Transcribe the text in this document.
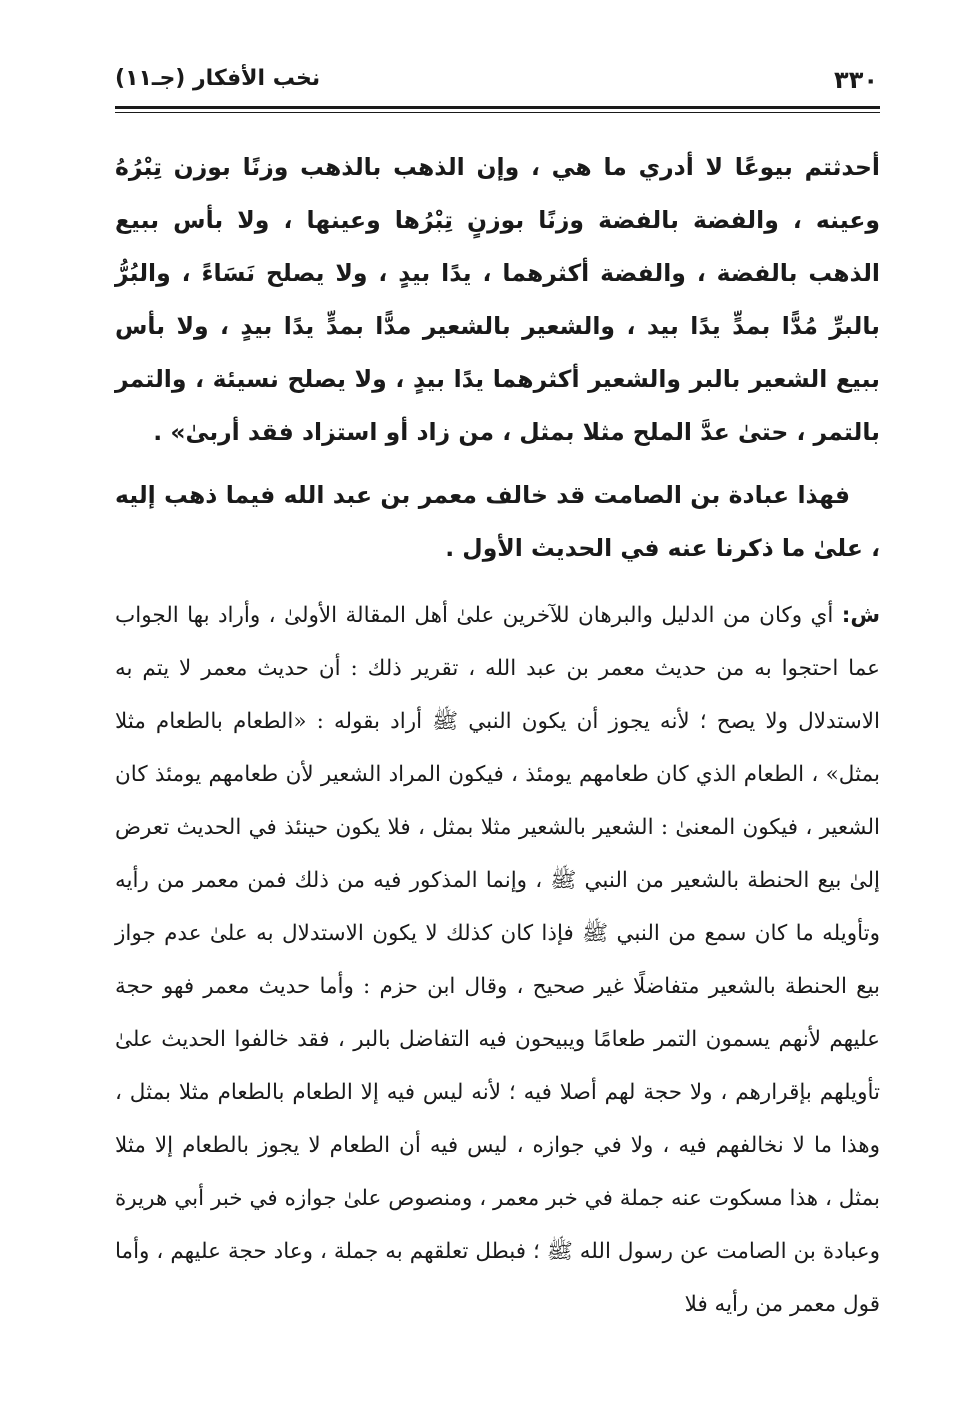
٣٣٠
نخب الأفكار (جـ١١)

أحدثتم بيوعًا لا أدري ما هي ، وإن الذهب بالذهب وزنًا بوزن تِبْرُهُ وعينه ، والفضة بالفضة وزنًا بوزنٍ تِبْرُها وعينها ، ولا بأس ببيع الذهب بالفضة ، والفضة أكثرهما ، يدًا بيدٍ ، ولا يصلح نَسَاءً ، والبُرُّ بالبرِّ مُدًّا بمدٍّ يدًا بيد ، والشعير بالشعير مدًّا بمدٍّ يدًا بيدٍ ، ولا بأس ببيع الشعير بالبر والشعير أكثرهما يدًا بيدٍ ، ولا يصلح نسيئة ، والتمر بالتمر ، حتىٰ عدَّ الملح مثلا بمثل ، من زاد أو استزاد فقد أربىٰ» .

فهذا عبادة بن الصامت قد خالف معمر بن عبد الله فيما ذهب إليه ، علىٰ ما ذكرنا عنه في الحديث الأول .

ش: أي وكان من الدليل والبرهان للآخرين علىٰ أهل المقالة الأولىٰ ، وأراد بها الجواب عما احتجوا به من حديث معمر بن عبد الله ، تقرير ذلك : أن حديث معمر لا يتم به الاستدلال ولا يصح ؛ لأنه يجوز أن يكون النبي ﷺ أراد بقوله : «الطعام بالطعام مثلا بمثل» ، الطعام الذي كان طعامهم يومئذ ، فيكون المراد الشعير لأن طعامهم يومئذ كان الشعير ، فيكون المعنىٰ : الشعير بالشعير مثلا بمثل ، فلا يكون حينئذ في الحديث تعرض إلىٰ بيع الحنطة بالشعير من النبي ﷺ ، وإنما المذكور فيه من ذلك فمن معمر من رأيه وتأويله ما كان سمع من النبي ﷺ فإذا كان كذلك لا يكون الاستدلال به علىٰ عدم جواز بيع الحنطة بالشعير متفاضلًا غير صحيح ، وقال ابن حزم : وأما حديث معمر فهو حجة عليهم لأنهم يسمون التمر طعامًا ويبيحون فيه التفاضل بالبر ، فقد خالفوا الحديث علىٰ تأويلهم بإقرارهم ، ولا حجة لهم أصلا فيه ؛ لأنه ليس فيه إلا الطعام بالطعام مثلا بمثل ، وهذا ما لا نخالفهم فيه ، ولا في جوازه ، ليس فيه أن الطعام لا يجوز بالطعام إلا مثلا بمثل ، هذا مسكوت عنه جملة في خبر معمر ، ومنصوص علىٰ جوازه في خبر أبي هريرة وعبادة بن الصامت عن رسول الله ﷺ ؛ فبطل تعلقهم به جملة ، وعاد حجة عليهم ، وأما قول معمر من رأيه فلا
